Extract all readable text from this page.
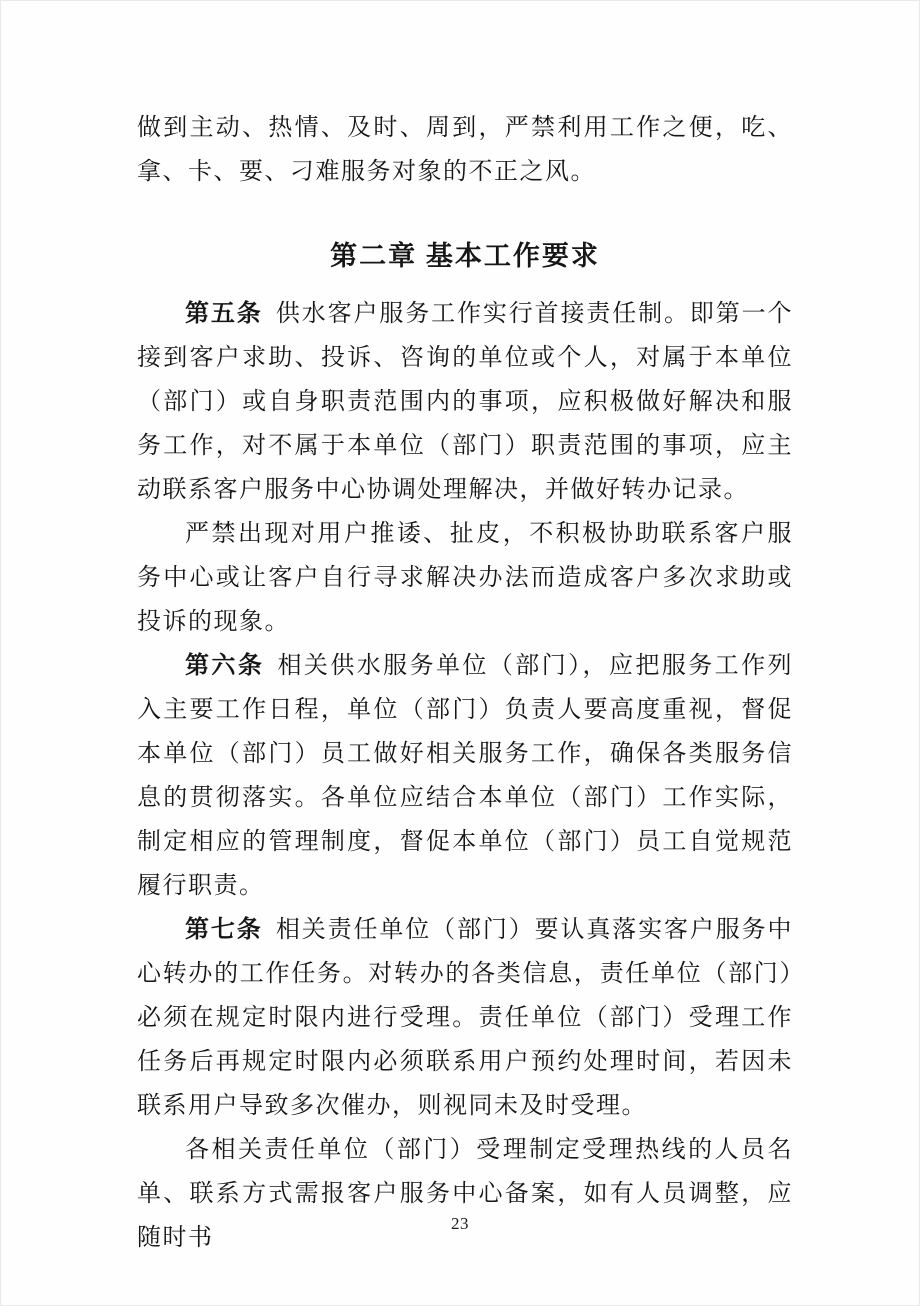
做到主动、热情、及时、周到，严禁利用工作之便，吃、拿、卡、要、刁难服务对象的不正之风。

第二章 基本工作要求

第五条 供水客户服务工作实行首接责任制。即第一个接到客户求助、投诉、咨询的单位或个人，对属于本单位（部门）或自身职责范围内的事项，应积极做好解决和服务工作，对不属于本单位（部门）职责范围的事项，应主动联系客户服务中心协调处理解决，并做好转办记录。

严禁出现对用户推诿、扯皮，不积极协助联系客户服务中心或让客户自行寻求解决办法而造成客户多次求助或投诉的现象。

第六条 相关供水服务单位（部门），应把服务工作列入主要工作日程，单位（部门）负责人要高度重视，督促本单位（部门）员工做好相关服务工作，确保各类服务信息的贯彻落实。各单位应结合本单位（部门）工作实际，制定相应的管理制度，督促本单位（部门）员工自觉规范履行职责。

第七条 相关责任单位（部门）要认真落实客户服务中心转办的工作任务。对转办的各类信息，责任单位（部门）必须在规定时限内进行受理。责任单位（部门）受理工作任务后再规定时限内必须联系用户预约处理时间，若因未联系用户导致多次催办，则视同未及时受理。

各相关责任单位（部门）受理制定受理热线的人员名单、联系方式需报客户服务中心备案，如有人员调整，应随时书

23
